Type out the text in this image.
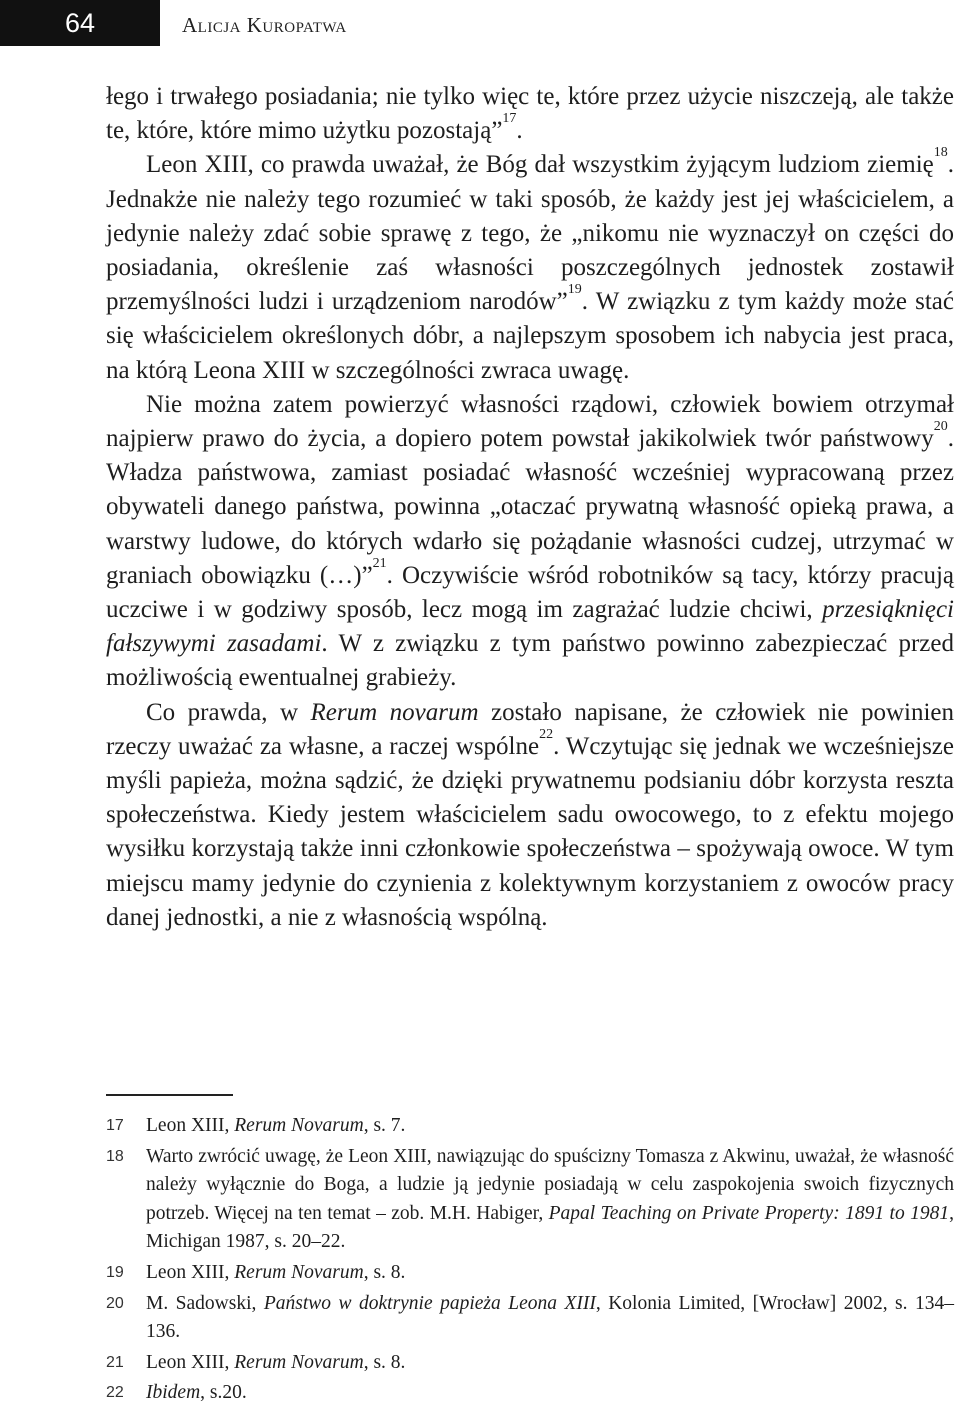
64	Alicja Kuropatwa

łego i trwałego posiadania; nie tylko więc te, które przez użycie niszczeją, ale także te, które, które mimo użytku pozostają”$^{17}$.

Leon XIII, co prawda uważał, że Bóg dał wszystkim żyjącym ludziom ziemię$^{18}$. Jednakże nie należy tego rozumieć w taki sposób, że każdy jest jej właścicielem, a jedynie należy zdać sobie sprawę z tego, że „nikomu nie wyznaczył on części do posiadania, określenie zaś własności poszczególnych jednostek zostawił przemyślności ludzi i urządzeniom narodów”$^{19}$. W związku z tym każdy może stać się właścicielem określonych dóbr, a najlepszym sposobem ich nabycia jest praca, na którą Leona XIII w szczególności zwraca uwagę.

Nie można zatem powierzyć własności rządowi, człowiek bowiem otrzymał najpierw prawo do życia, a dopiero potem powstał jakikolwiek twór państwowy$^{20}$. Władza państwowa, zamiast posiadać własność wcześniej wypracowaną przez obywateli danego państwa, powinna „otaczać prywatną własność opieką prawa, a warstwy ludowe, do których wdarło się pożądanie własności cudzej, utrzymać w graniach obowiązku (…)”$^{21}$. Oczywiście wśród robotników są tacy, którzy pracują uczciwe i w godziwy sposób, lecz mogą im zagrażać ludzie chciwi, przesiąknięci fałszywymi zasadami. W z związku z tym państwo powinno zabezpieczać przed możliwością ewentualnej grabieży.

Co prawda, w Rerum novarum zostało napisane, że człowiek nie powinien rzeczy uważać za własne, a raczej wspólne$^{22}$. Wczytując się jednak we wcześniejsze myśli papieża, można sądzić, że dzięki prywatnemu podsianiu dóbr korzysta reszta społeczeństwa. Kiedy jestem właścicielem sadu owocowego, to z efektu mojego wysiłku korzystają także inni członkowie społeczeństwa – spożywają owoce. W tym miejscu mamy jedynie do czynienia z kolektywnym korzystaniem z owoców pracy danej jednostki, a nie z własnością wspólną.

17 Leon XIII, Rerum Novarum, s. 7.
18 Warto zwrócić uwagę, że Leon XIII, nawiązując do spuścizny Tomasza z Akwinu, uważał, że własność należy wyłącznie do Boga, a ludzie ją jedynie posiadają w celu zaspokojenia swoich fizycznych potrzeb. Więcej na ten temat – zob. M.H. Habiger, Papal Teaching on Private Property: 1891 to 1981, Michigan 1987, s. 20–22.
19 Leon XIII, Rerum Novarum, s. 8.
20 M. Sadowski, Państwo w doktrynie papieża Leona XIII, Kolonia Limited, [Wrocław] 2002, s. 134–136.
21 Leon XIII, Rerum Novarum, s. 8.
22 Ibidem, s.20.
